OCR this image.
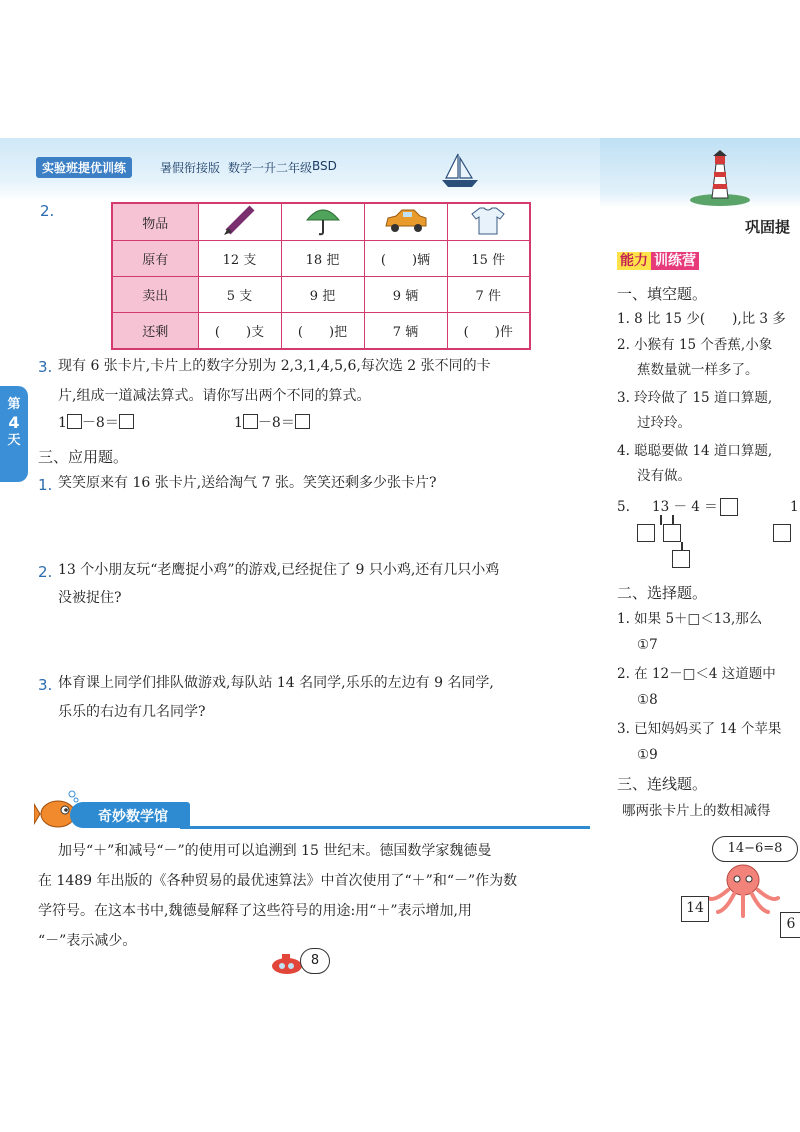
实验班提优训练	暑假衔接版 数学一升二年级 BSD
巩固提
第
4
天
2.
物品				
原有	12 支	18 把	(　　)辆	15 件
卖出	5 支	9 把	9 辆	7 件
还剩	(　　)支	(　　)把	7 辆	(　　)件
3. 现有 6 张卡片,卡片上的数字分别为 2,3,1,4,5,6,每次选 2 张不同的卡
片,组成一道减法算式。请你写出两个不同的算式。
1 －8＝	1 －8＝
三、应用题。
1. 笑笑原来有 16 张卡片,送给淘气 7 张。笑笑还剩多少张卡片?
2. 13 个小朋友玩“老鹰捉小鸡”的游戏,已经捉住了 9 只小鸡,还有几只小鸡
没被捉住?
3. 体育课上同学们排队做游戏,每队站 14 名同学,乐乐的左边有 9 名同学,
乐乐的右边有几名同学?
奇妙数学馆
加号“＋”和减号“－”的使用可以追溯到 15 世纪末。德国数学家魏德曼
在 1489 年出版的《各种贸易的最优速算法》中首次使用了“＋”和“－”作为数
学符号。在这本书中,魏德曼解释了这些符号的用途:用“＋”表示增加,用
“－”表示减少。
8
能力 训练营
一、填空题。
1. 8 比 15 少(　　),比 3 多
2. 小猴有 15 个香蕉,小象
蕉数量就一样多了。
3. 玲玲做了 15 道口算题,
过玲玲。
4. 聪聪要做 14 道口算题,
没有做。
5. 13 － 4 ＝	1
二、选择题。
1. 如果 5＋□＜13,那么
①7
2. 在 12－□＜4 这道题中
①8
3. 已知妈妈买了 14 个苹果
①9
三、连线题。
哪两张卡片上的数相减得
14−6=8
14
6
